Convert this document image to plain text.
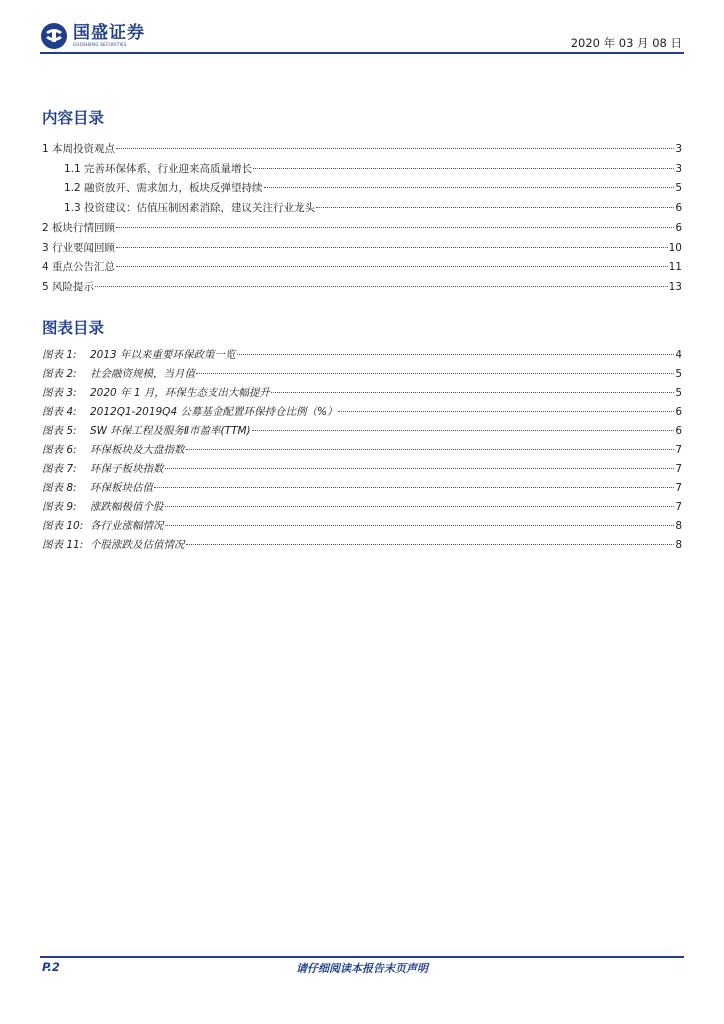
国盛证券
GUOSHENG SECURITIES	2020 年 03 月 08 日
内容目录
1 本周投资观点	3
1.1 完善环保体系，行业迎来高质量增长	3
1.2 融资放开、需求加力，板块反弹望持续	5
1.3 投资建议：估值压制因素消除，建议关注行业龙头	6
2 板块行情回顾	6
3 行业要闻回顾	10
4 重点公告汇总	11
5 风险提示	13
图表目录
图表 1:	2013 年以来重要环保政策一览	4
图表 2:	社会融资规模，当月值	5
图表 3:	2020 年 1 月，环保生态支出大幅提升	5
图表 4:	2012Q1-2019Q4 公募基金配置环保持仓比例（%）	6
图表 5:	SW 环保工程及服务Ⅱ市盈率(TTM)	6
图表 6:	环保板块及大盘指数	7
图表 7:	环保子板块指数	7
图表 8:	环保板块估值	7
图表 9:	涨跌幅极值个股	7
图表 10: 各行业涨幅情况	8
图表 11: 个股涨跌及估值情况	8
P.2	请仔细阅读本报告末页声明
